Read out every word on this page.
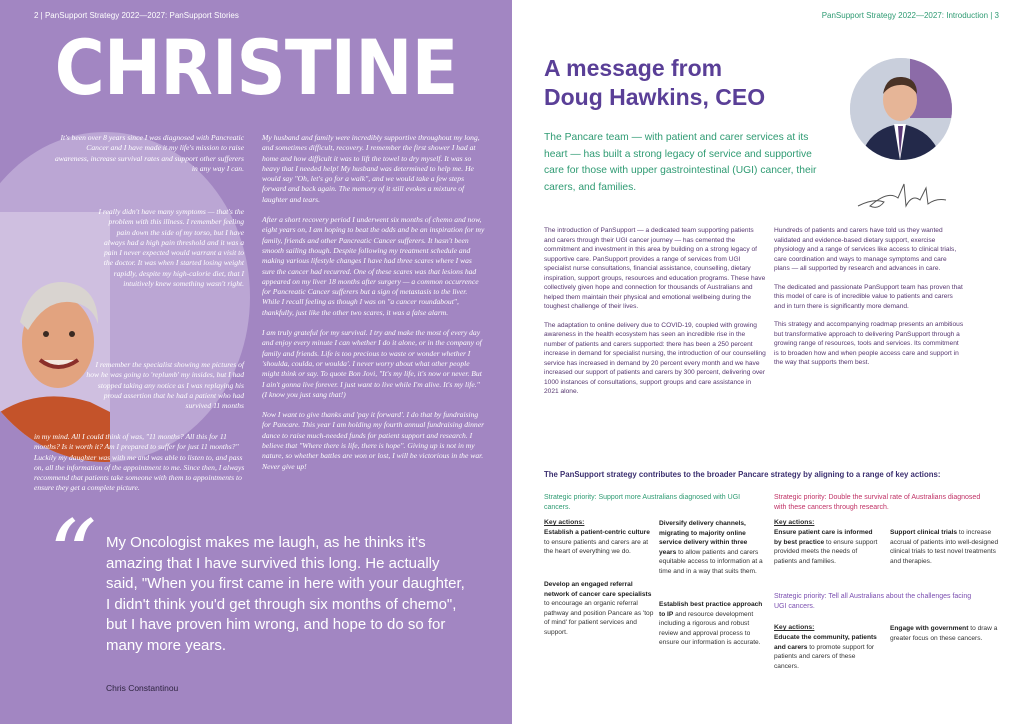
2 | PanSupport Strategy 2022—2027: PanSupport Stories
CHRISTINE
It's been over 8 years since I was diagnosed with Pancreatic Cancer and I have made it my life's mission to raise awareness, increase survival rates and support other sufferers in any way I can.
I really didn't have many symptoms — that's the problem with this illness. I remember feeling pain down the side of my torso, but I have always had a high pain threshold and it was a pain I never expected would warrant a visit to the doctor. It was when I started losing weight rapidly, despite my high-calorie diet, that I intuitively knew something wasn't right.
I remember the specialist showing me pictures of how he was going to 'replumb' my insides, but I had stopped taking any notice as I was replaying his proud assertion that he had a patient who had survived 11 months
in my mind. All I could think of was, "11 months? All this for 11 months? Is it worth it? Am I prepared to suffer for just 11 months?" Luckily my daughter was with me and was able to listen to, and pass on, all the information of the appointment to me. Since then, I always recommend that patients take someone with them to appointments to ensure they get a complete picture.

My husband and family were incredibly supportive throughout my long, and sometimes difficult, recovery. I remember the first shower I had at home and how difficult it was to lift the towel to dry myself. It was so heavy that I needed help! My husband was determined to help me. He would say "Oh, let's go for a walk", and we would take a few steps forward and back again. The memory of it still evokes a mixture of laughter and tears.

After a short recovery period I underwent six months of chemo and now, eight years on, I am hoping to beat the odds and be an inspiration for my family, friends and other Pancreatic Cancer sufferers. It hasn't been smooth sailing though. Despite following my treatment schedule and making various lifestyle changes I have had three scares where I was sure the cancer had recurred. One of these scares was that lesions had appeared on my liver 18 months after surgery — a common occurrence for Pancreatic Cancer sufferers but a sign of metastasis to the liver. While I recall feeling as though I was on "a cancer roundabout", thankfully, just like the other two scares, it was a false alarm.

I am truly grateful for my survival. I try and make the most of every day and enjoy every minute I can whether I do it alone, or in the company of family and friends. Life is too precious to waste or wonder whether I 'shoulda, coulda, or woulda'. I never worry about what other people might think or say. To quote Bon Jovi, "It's my life, it's now or never. But I ain't gonna live forever. I just want to live while I'm alive. It's my life." (I know you just sang that!)

Now I want to give thanks and 'pay it forward'. I do that by fundraising for Pancare. This year I am holding my fourth annual fundraising dinner dance to raise much-needed funds for patient support and research. I believe that "Where there is life, there is hope". Giving up is not in my nature, so whether battles are won or lost, I will be victorious in the war. Never give up!

“ My Oncologist makes me laugh, as he thinks it's amazing that I have survived this long. He actually said, "When you first came in here with your daughter, I didn't think you'd get through six months of chemo", but I have proven him wrong, and hope to do so for many more years.
Chris Constantinou
PanSupport Strategy 2022—2027: Introduction | 3
A message from
Doug Hawkins, CEO
The Pancare team — with patient and carer services at its heart — has built a strong legacy of service and supportive care for those with upper gastrointestinal (UGI) cancer, their carers, and families.

The introduction of PanSupport — a dedicated team supporting patients and carers through their UGI cancer journey — has cemented the commitment and investment in this area by building on a strong legacy of supportive care. PanSupport provides a range of services from UGI specialist nurse consultations, financial assistance, counselling, dietary inspiration, support groups, resources and education programs. These have collectively given hope and connection for thousands of Australians and helped them maintain their physical and emotional wellbeing during the toughest challenge of their lives.

The adaptation to online delivery due to COVID-19, coupled with growing awareness in the health ecosystem has seen an incredible rise in the number of patients and carers supported: there has been a 250 percent increase in demand for specialist nursing, the introduction of our counselling service has increased in demand by 20 percent every month and we have increased our support of patients and carers by 300 percent, delivering over 1000 instances of consultations, support groups and care assistance in 2021 alone.

Hundreds of patients and carers have told us they wanted validated and evidence-based dietary support, exercise physiology and a range of services like access to clinical trials, care coordination and ways to manage symptoms and care plans — all supported by research and advances in care.

The dedicated and passionate PanSupport team has proven that this model of care is of incredible value to patients and carers and in turn there is significantly more demand.

This strategy and accompanying roadmap presents an ambitious but transformative approach to delivering PanSupport through a growing range of resources, tools and services. Its commitment is to broaden how and when people access care and support in the way that supports them best.

The PanSupport strategy contributes to the broader Pancare strategy by aligning to a range of key actions:
Strategic priority: Support more Australians diagnosed with UGI cancers.
Strategic priority: Double the survival rate of Australians diagnosed with these cancers through research.
Strategic priority: Tell all Australians about the challenges facing UGI cancers.
Key actions:	Key actions:
Key actions:
Establish a patient-centric culture to ensure patients and carers are at the heart of everything we do.
Develop an engaged referral network of cancer care specialists to encourage an organic referral pathway and position Pancare as 'top of mind' for patient services and support.
Diversify delivery channels, migrating to majority online service delivery within three years to allow patients and carers equitable access to information at a time and in a way that suits them.
Establish best practice approach to IP and resource development including a rigorous and robust review and approval process to ensure our information is accurate.
Ensure patient care is informed by best practice to ensure support provided meets the needs of patients and families.
Support clinical trials to increase accrual of patients into well-designed clinical trials to test novel treatments and therapies.
Educate the community, patients and carers to promote support for patients and carers of these cancers.
Engage with government to draw a greater focus on these cancers.
